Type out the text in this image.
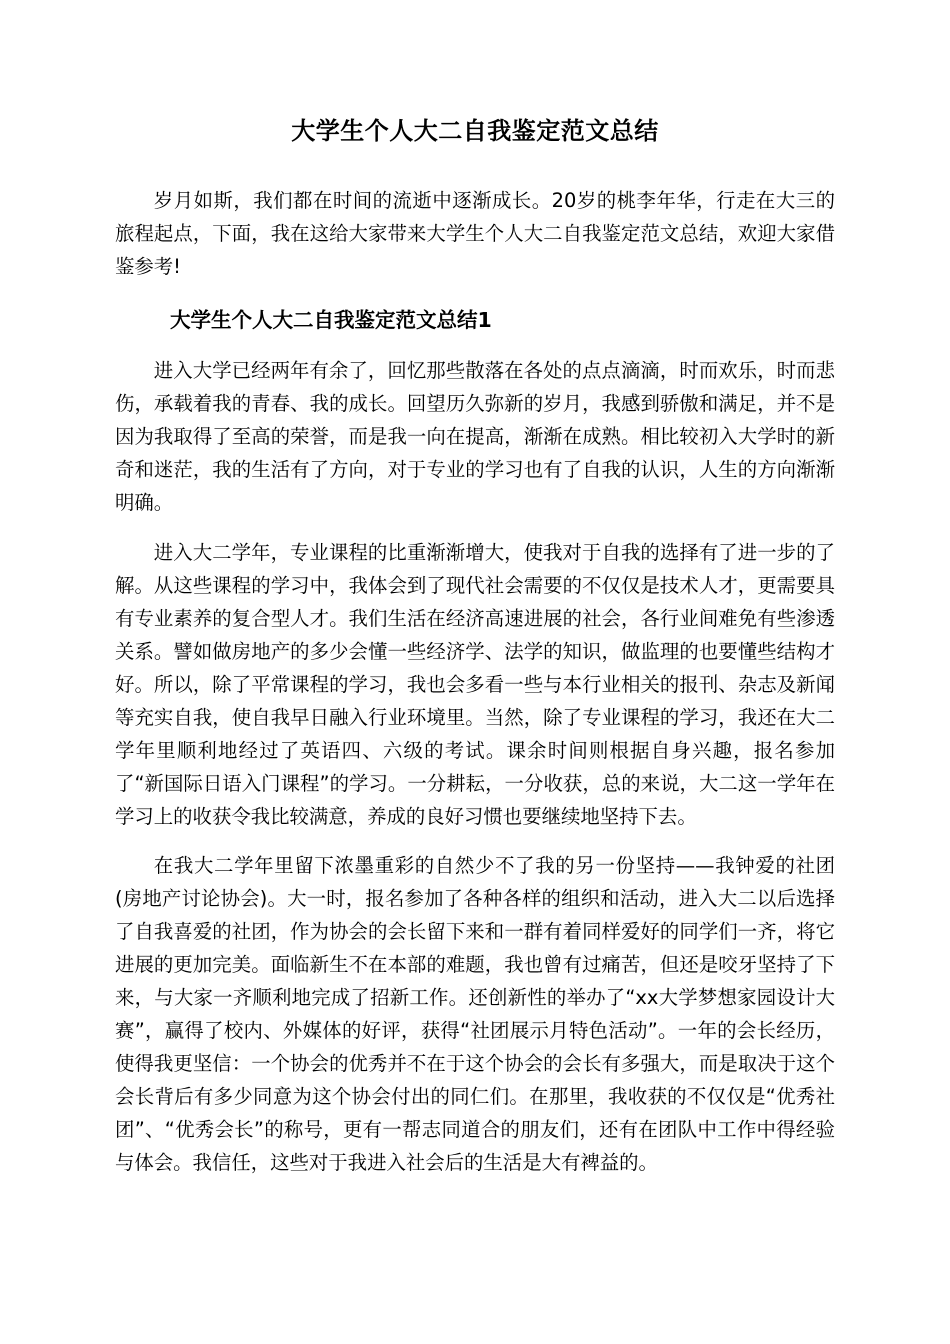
大学生个人大二自我鉴定范文总结

岁月如斯，我们都在时间的流逝中逐渐成长。20岁的桃李年华，行走在大三的旅程起点，下面，我在这给大家带来大学生个人大二自我鉴定范文总结，欢迎大家借鉴参考!

大学生个人大二自我鉴定范文总结1

进入大学已经两年有余了，回忆那些散落在各处的点点滴滴，时而欢乐，时而悲伤，承载着我的青春、我的成长。回望历久弥新的岁月，我感到骄傲和满足，并不是因为我取得了至高的荣誉，而是我一向在提高，渐渐在成熟。相比较初入大学时的新奇和迷茫，我的生活有了方向，对于专业的学习也有了自我的认识，人生的方向渐渐明确。

进入大二学年，专业课程的比重渐渐增大，使我对于自我的选择有了进一步的了解。从这些课程的学习中，我体会到了现代社会需要的不仅仅是技术人才，更需要具有专业素养的复合型人才。我们生活在经济高速进展的社会，各行业间难免有些渗透关系。譬如做房地产的多少会懂一些经济学、法学的知识，做监理的也要懂些结构才好。所以，除了平常课程的学习，我也会多看一些与本行业相关的报刊、杂志及新闻等充实自我，使自我早日融入行业环境里。当然，除了专业课程的学习，我还在大二学年里顺利地经过了英语四、六级的考试。课余时间则根据自身兴趣，报名参加了“新国际日语入门课程”的学习。一分耕耘，一分收获，总的来说，大二这一学年在学习上的收获令我比较满意，养成的良好习惯也要继续地坚持下去。

在我大二学年里留下浓墨重彩的自然少不了我的另一份坚持——我钟爱的社团(房地产讨论协会)。大一时，报名参加了各种各样的组织和活动，进入大二以后选择了自我喜爱的社团，作为协会的会长留下来和一群有着同样爱好的同学们一齐，将它进展的更加完美。面临新生不在本部的难题，我也曾有过痛苦，但还是咬牙坚持了下来，与大家一齐顺利地完成了招新工作。还创新性的举办了“xx大学梦想家园设计大赛”，赢得了校内、外媒体的好评，获得“社团展示月特色活动”。一年的会长经历，使得我更坚信：一个协会的优秀并不在于这个协会的会长有多强大，而是取决于这个会长背后有多少同意为这个协会付出的同仁们。在那里，我收获的不仅仅是“优秀社团”、“优秀会长”的称号，更有一帮志同道合的朋友们，还有在团队中工作中得经验与体会。我信任，这些对于我进入社会后的生活是大有裨益的。
